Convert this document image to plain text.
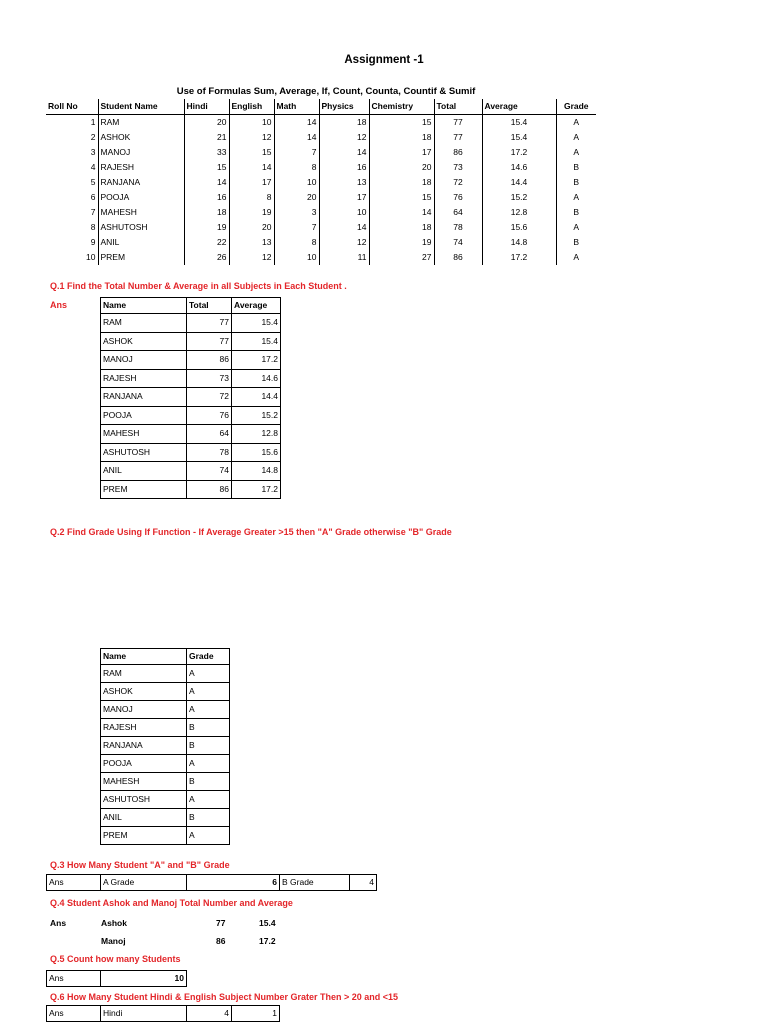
Assignment -1
Use of Formulas Sum, Average, If, Count, Counta, Countif & Sumif
Roll No	Student Name	Hindi	English	Math	Physics	Chemistry	Total	Average	Grade
1	RAM	20	10	14	18	15	77	15.4	A
2	ASHOK	21	12	14	12	18	77	15.4	A
3	MANOJ	33	15	7	14	17	86	17.2	A
4	RAJESH	15	14	8	16	20	73	14.6	B
5	RANJANA	14	17	10	13	18	72	14.4	B
6	POOJA	16	8	20	17	15	76	15.2	A
7	MAHESH	18	19	3	10	14	64	12.8	B
8	ASHUTOSH	19	20	7	14	18	78	15.6	A
9	ANIL	22	13	8	12	19	74	14.8	B
10	PREM	26	12	10	11	27	86	17.2	A
Q.1 Find the Total Number & Average in all Subjects in Each Student .
Ans	Name	Total	Average
RAM	77	15.4
ASHOK	77	15.4
MANOJ	86	17.2
RAJESH	73	14.6
RANJANA	72	14.4
POOJA	76	15.2
MAHESH	64	12.8
ASHUTOSH	78	15.6
ANIL	74	14.8
PREM	86	17.2
Q.2 Find Grade Using If Function - If Average Greater >15 then "A" Grade otherwise "B" Grade
Name	Grade
RAM	A
ASHOK	A
MANOJ	A
RAJESH	B
RANJANA	B
POOJA	A
MAHESH	B
ASHUTOSH	A
ANIL	B
PREM	A
Q.3 How Many Student "A" and "B" Grade
Ans	A Grade	6	B Grade	4
Q.4 Student Ashok and Manoj Total Number and Average
Ans	Ashok	77	15.4
Manoj	86	17.2
Q.5 Count how many Students
Ans	10
Q.6 How Many Student Hindi & English Subject Number Grater Then > 20 and <15
Ans	Hindi	4	1
